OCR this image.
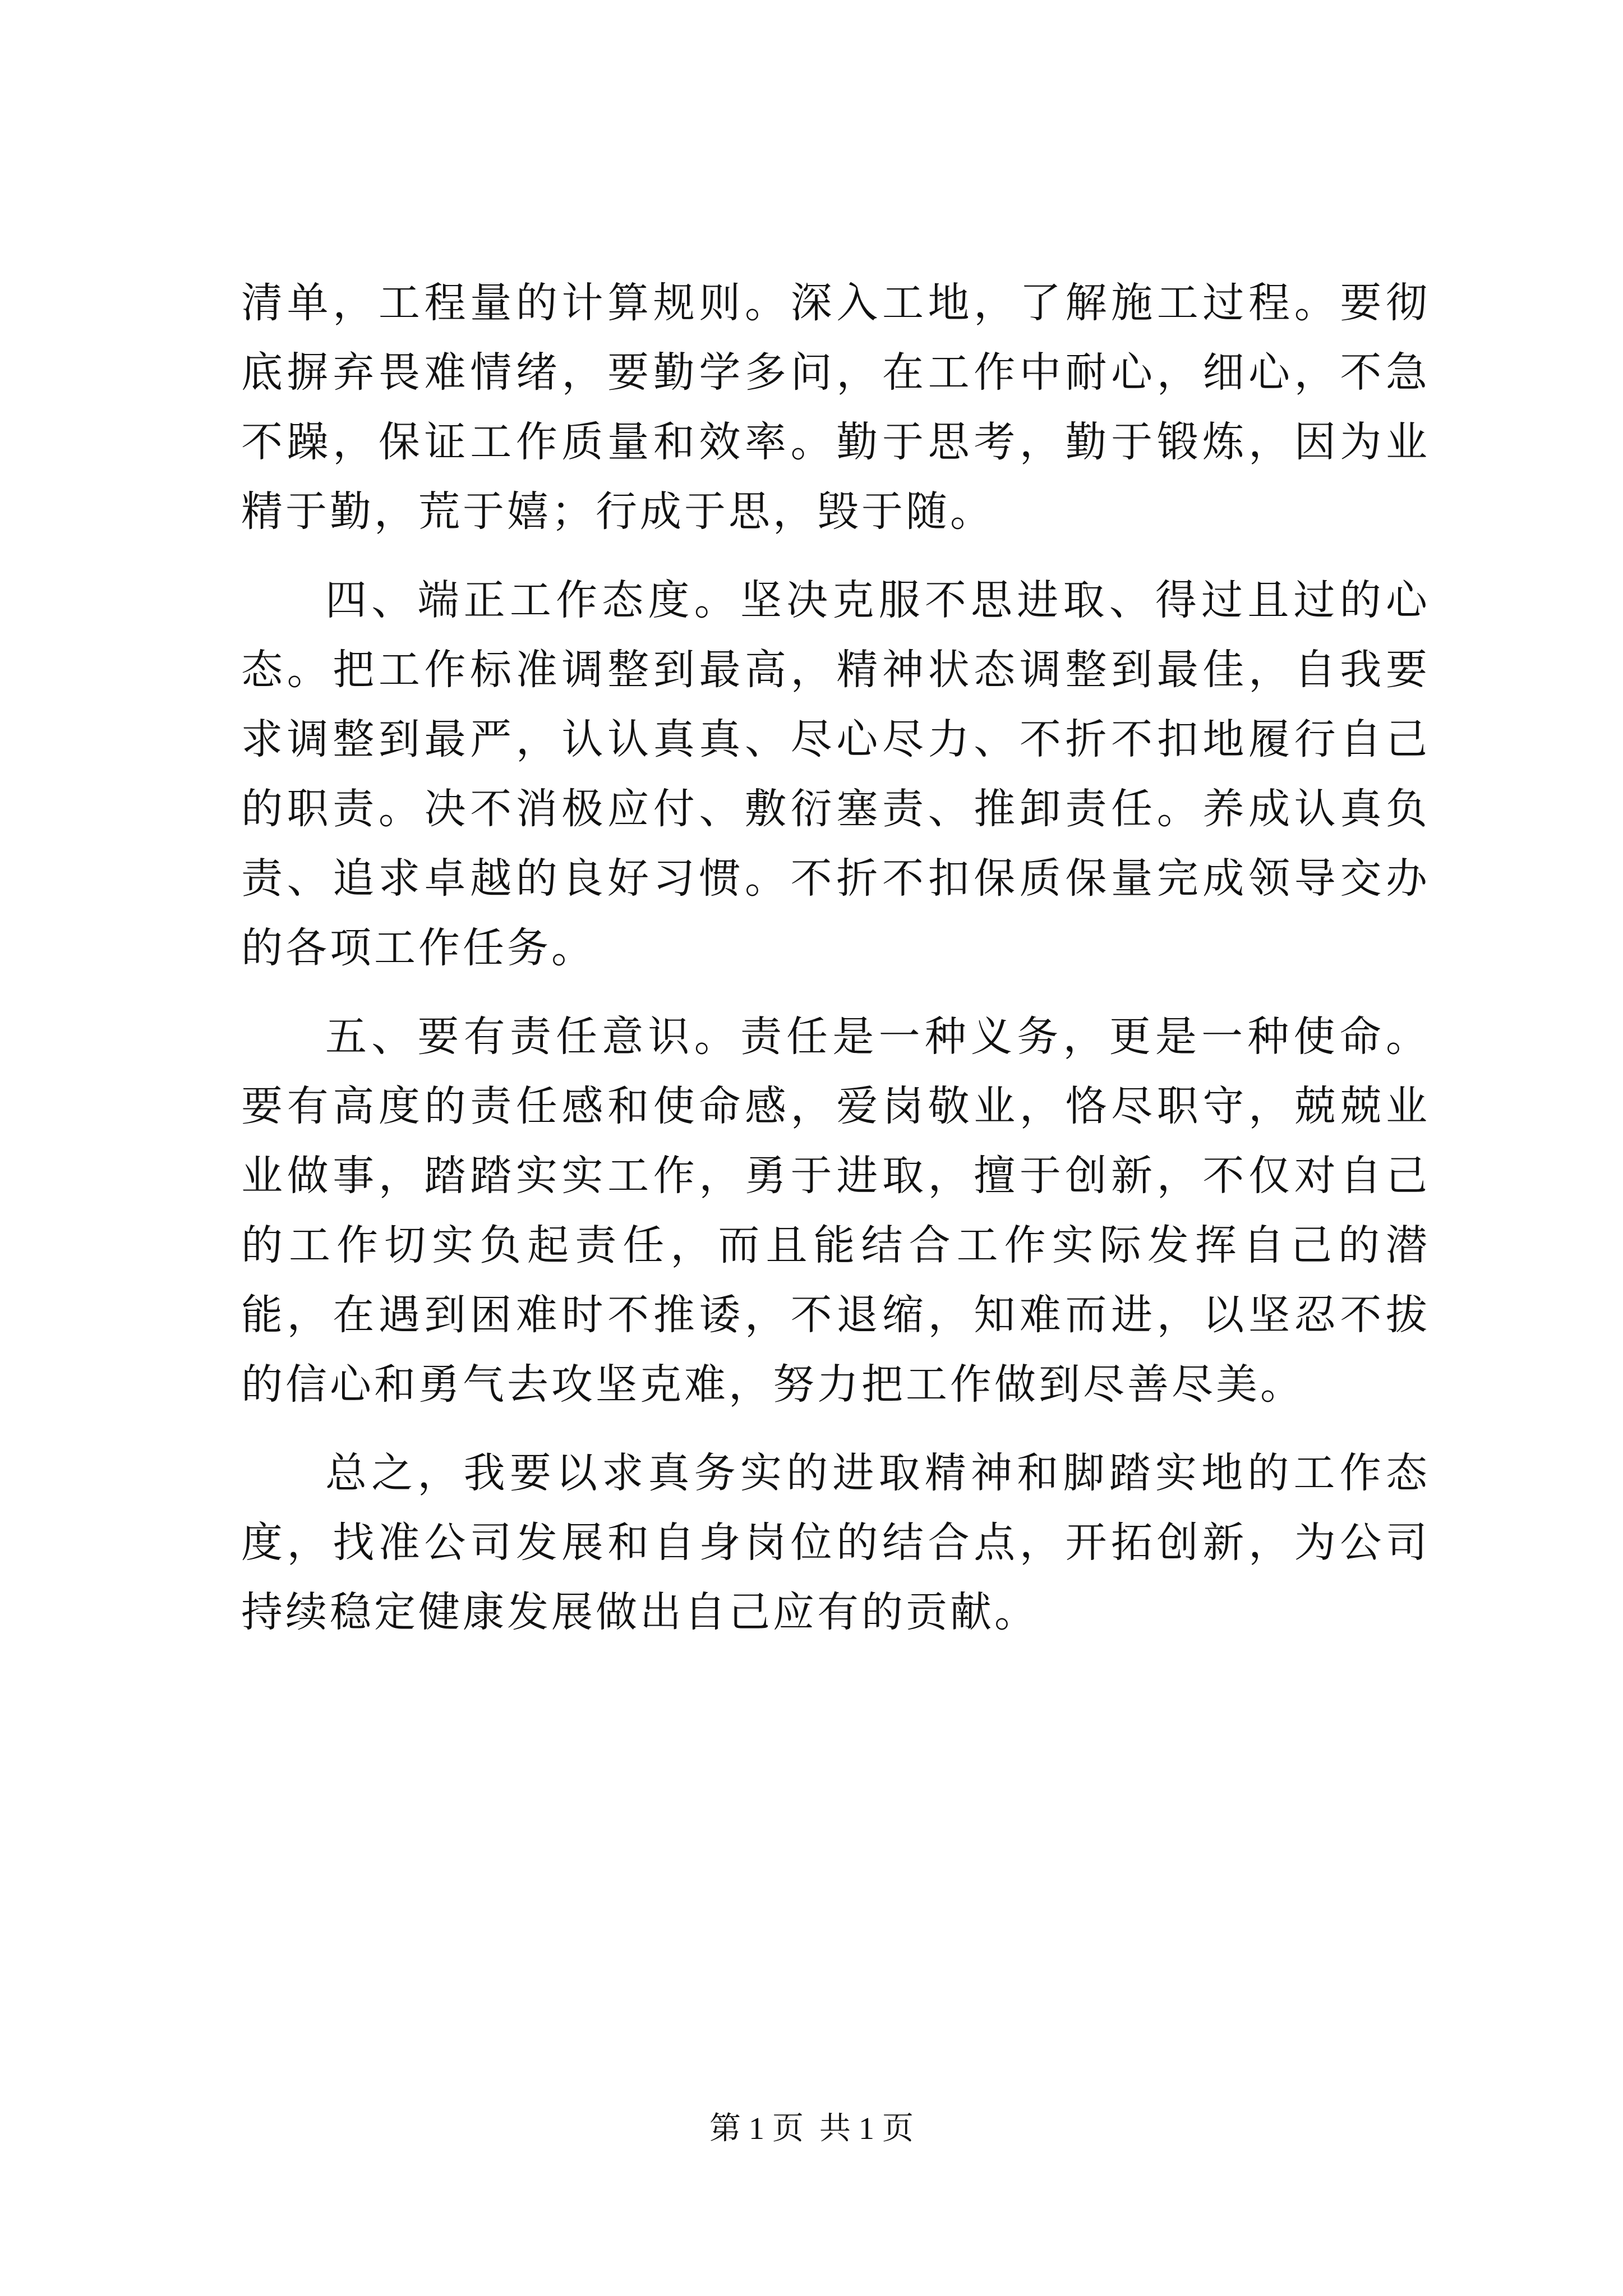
清单，工程量的计算规则。深入工地，了解施工过程。要彻底摒弃畏难情绪，要勤学多问，在工作中耐心，细心，不急不躁，保证工作质量和效率。勤于思考，勤于锻炼，因为业精于勤，荒于嬉；行成于思，毁于随。

四、端正工作态度。坚决克服不思进取、得过且过的心态。把工作标准调整到最高，精神状态调整到最佳，自我要求调整到最严，认认真真、尽心尽力、不折不扣地履行自己的职责。决不消极应付、敷衍塞责、推卸责任。养成认真负责、追求卓越的良好习惯。不折不扣保质保量完成领导交办的各项工作任务。

五、要有责任意识。责任是一种义务，更是一种使命。要有高度的责任感和使命感，爱岗敬业，恪尽职守，兢兢业业做事，踏踏实实工作，勇于进取，擅于创新，不仅对自己的工作切实负起责任，而且能结合工作实际发挥自己的潜能，在遇到困难时不推诿，不退缩，知难而进，以坚忍不拔的信心和勇气去攻坚克难，努力把工作做到尽善尽美。

总之，我要以求真务实的进取精神和脚踏实地的工作态度，找准公司发展和自身岗位的结合点，开拓创新，为公司持续稳定健康发展做出自己应有的贡献。

第 1 页  共 1 页
